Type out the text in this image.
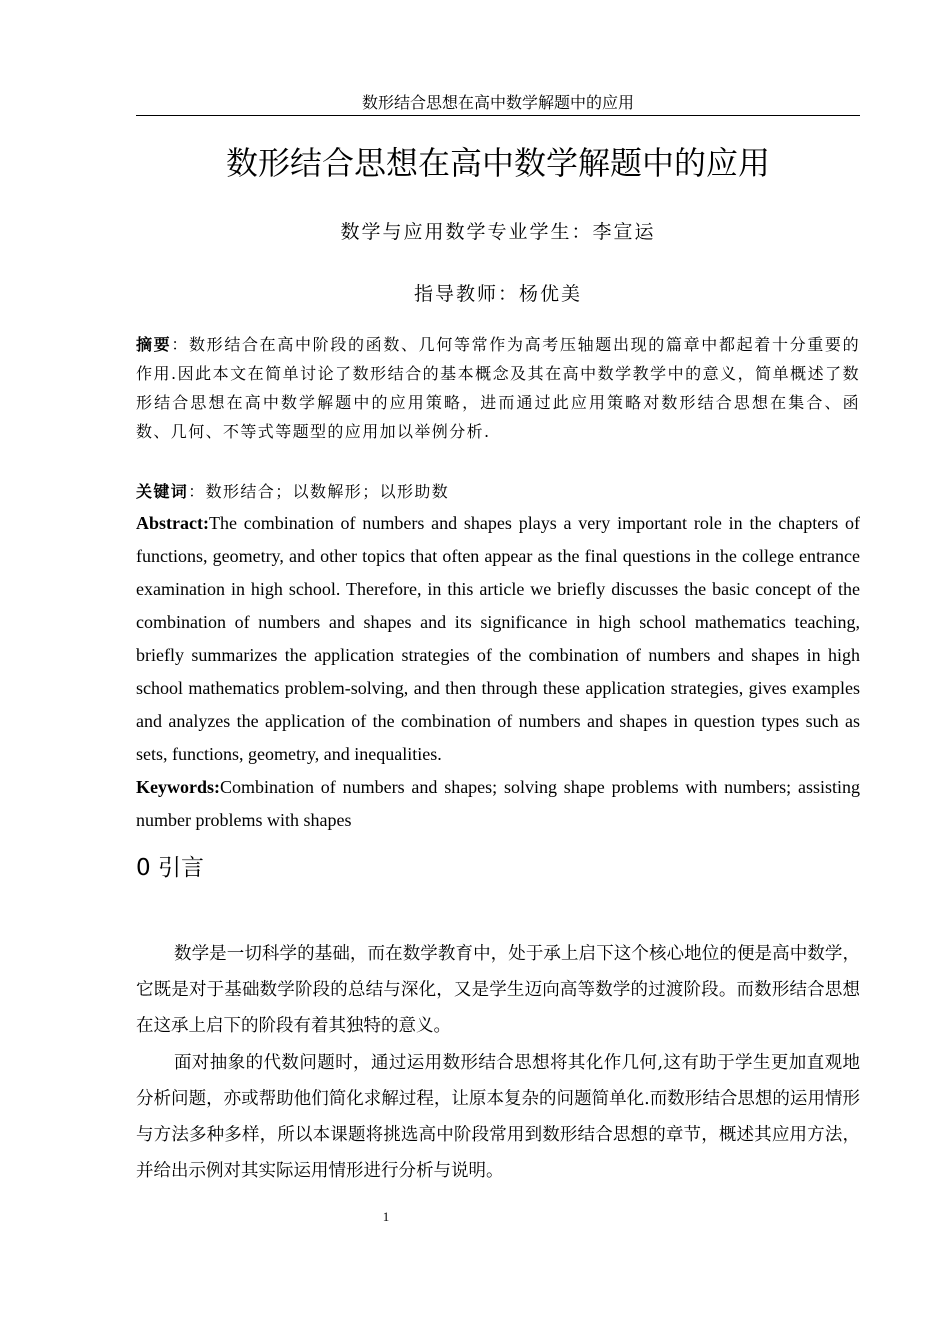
数形结合思想在高中数学解题中的应用
数形结合思想在高中数学解题中的应用
数学与应用数学专业学生：李宣运
指导教师：杨优美

摘要：数形结合在高中阶段的函数、几何等常作为高考压轴题出现的篇章中都起着十分重要的作用.因此本文在简单讨论了数形结合的基本概念及其在高中数学教学中的意义，简单概述了数形结合思想在高中数学解题中的应用策略，进而通过此应用策略对数形结合思想在集合、函数、几何、不等式等题型的应用加以举例分析.

关键词：数形结合；以数解形；以形助数

Abstract:The combination of numbers and shapes plays a very important role in the chapters of functions, geometry, and other topics that often appear as the final questions in the college entrance examination in high school. Therefore, in this article we briefly discusses the basic concept of the combination of numbers and shapes and its significance in high school mathematics teaching, briefly summarizes the application strategies of the combination of numbers and shapes in high school mathematics problem-solving, and then through these application strategies, gives examples and analyzes the application of the combination of numbers and shapes in question types such as sets, functions, geometry, and inequalities.

Keywords:Combination of numbers and shapes; solving shape problems with numbers; assisting number problems with shapes

0 引言

数学是一切科学的基础，而在数学教育中，处于承上启下这个核心地位的便是高中数学，它既是对于基础数学阶段的总结与深化，又是学生迈向高等数学的过渡阶段。而数形结合思想在这承上启下的阶段有着其独特的意义。

面对抽象的代数问题时，通过运用数形结合思想将其化作几何,这有助于学生更加直观地分析问题，亦或帮助他们简化求解过程，让原本复杂的问题简单化.而数形结合思想的运用情形与方法多种多样，所以本课题将挑选高中阶段常用到数形结合思想的章节，概述其应用方法，并给出示例对其实际运用情形进行分析与说明。

1
